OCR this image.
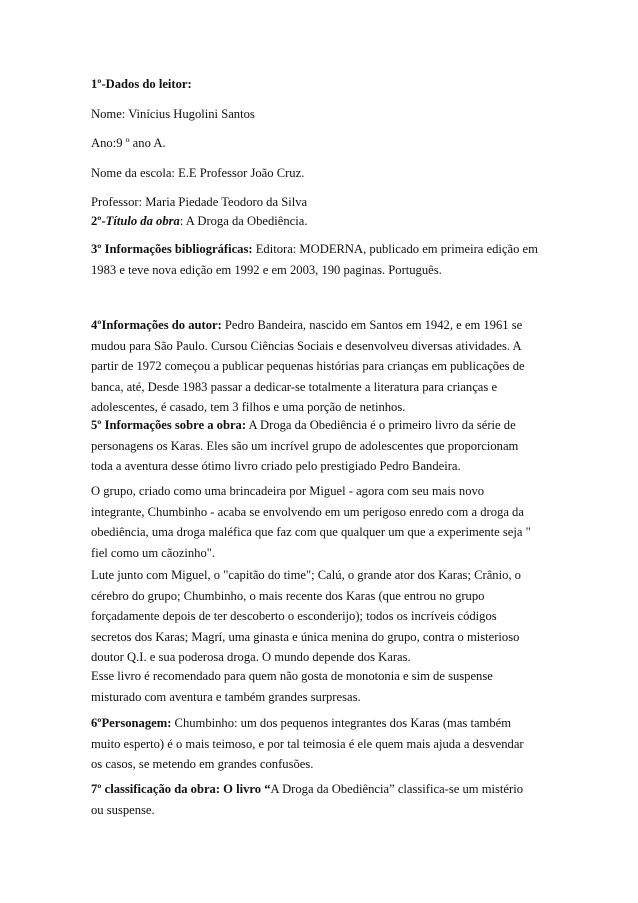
1º-Dados do leitor:

Nome: Vinícius Hugolini Santos

Ano:9 º ano A.

Nome da escola: E.E Professor João Cruz.

Professor: Maria Piedade Teodoro da Silva

2º-Título da obra: A Droga da Obediência.

3º Informações bibliográficas: Editora: MODERNA, publicado em primeira edição em

1983 e teve nova edição em 1992 e em 2003, 190 paginas. Português.

4ºInformações do autor: Pedro Bandeira, nascido em Santos em 1942, e em 1961 se

mudou para São Paulo. Cursou Ciências Sociais e desenvolveu diversas atividades. A

partir de 1972 começou a publicar pequenas histórias para crianças em publicações de

banca, até, Desde 1983 passar a dedicar-se totalmente a literatura para crianças e

adolescentes, é casado, tem 3 filhos e uma porção de netinhos.

5º Informações sobre a obra: A Droga da Obediência é o primeiro livro da série de

personagens os Karas. Eles são um incrível grupo de adolescentes que proporcionam

toda a aventura desse ótimo livro criado pelo prestigiado Pedro Bandeira.

O grupo, criado como uma brincadeira por Miguel - agora com seu mais novo

integrante, Chumbinho - acaba se envolvendo em um perigoso enredo com a droga da

obediência, uma droga maléfica que faz com que qualquer um que a experimente seja "

fiel como um cãozinho".

Lute junto com Miguel, o "capitão do time"; Calú, o grande ator dos Karas; Crânio, o

cérebro do grupo; Chumbinho, o mais recente dos Karas (que entrou no grupo

forçadamente depois de ter descoberto o esconderijo); todos os incríveis códigos

secretos dos Karas; Magrí, uma ginasta e única menina do grupo, contra o misterioso

doutor Q.I. e sua poderosa droga. O mundo depende dos Karas.

Esse livro é recomendado para quem não gosta de monotonia e sim de suspense

misturado com aventura e também grandes surpresas.

6ºPersonagem: Chumbinho: um dos pequenos integrantes dos Karas (mas também

muito esperto) é o mais teimoso, e por tal teimosia é ele quem mais ajuda a desvendar

os casos, se metendo em grandes confusões.

7º classificação da obra: O livro “A Droga da Obediência” classifica-se um mistério

ou suspense.
